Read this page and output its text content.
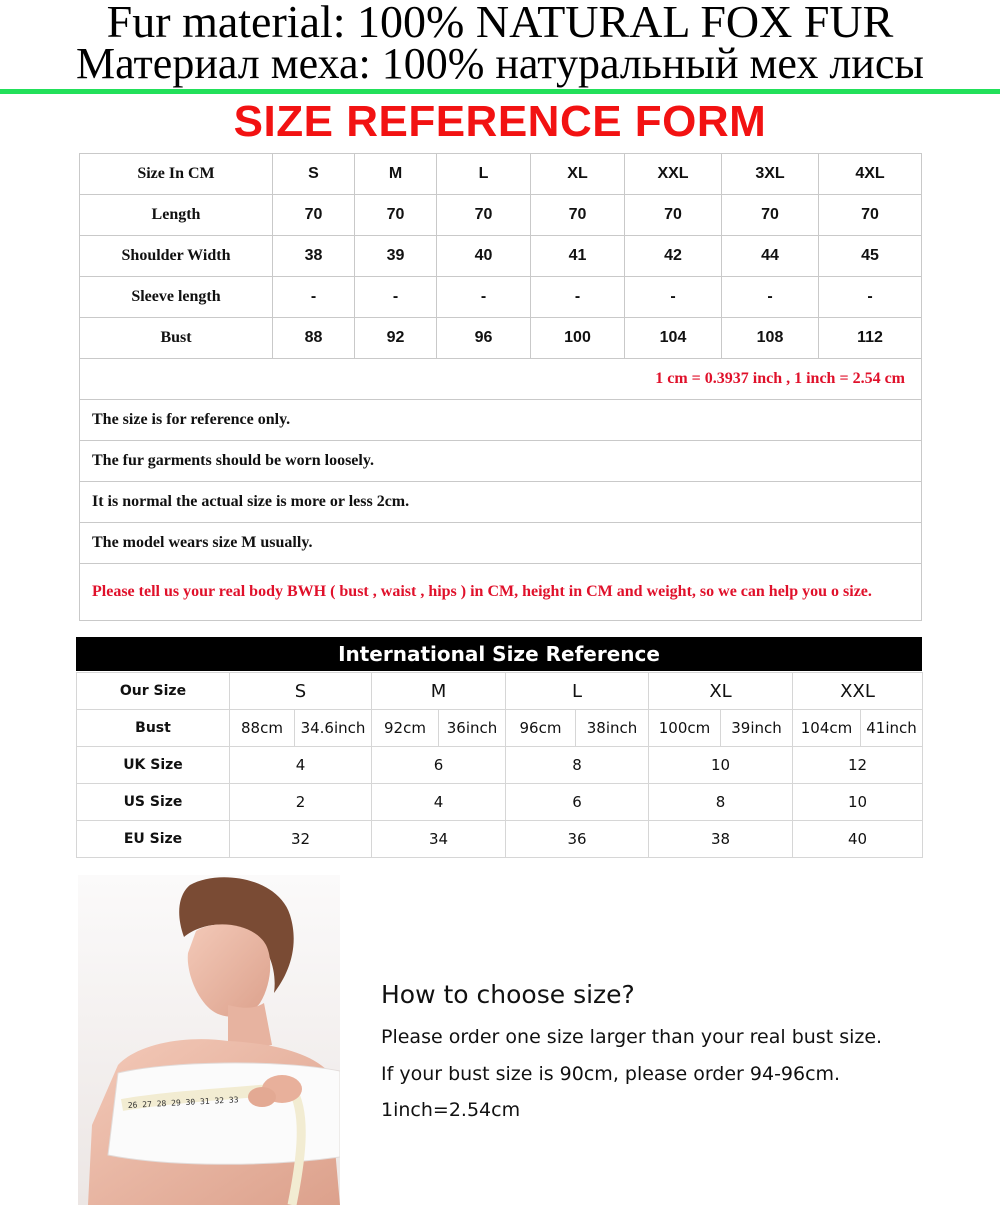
Fur material: 100% NATURAL FOX FUR
Материал меха: 100% натуральный мех лисы
SIZE REFERENCE FORM
Size In CM	S	M	L	XL	XXL	3XL	4XL
Length	70	70	70	70	70	70	70
Shoulder Width	38	39	40	41	42	44	45
Sleeve length	-	-	-	-	-	-	-
Bust	88	92	96	100	104	108	112
1 cm = 0.3937 inch , 1 inch = 2.54 cm							
The size is for reference only.							
The fur garments should be worn loosely.							
It is normal the actual size is more or less 2cm.							
The model wears size M usually.							
Please tell us your real body BWH ( bust , waist , hips ) in CM, height in CM and weight, so we can help you o size.							
International Size Reference
Our Size	S		M		L		XL		XXL	
Bust	88cm	34.6inch	92cm	36inch	96cm	38inch	100cm	39inch	104cm	41inch
UK Size	4		6		8		10		12	
US Size	2		4		6		8		10	
EU Size	32		34		36		38		40	
26 27 28 29 30 31 32 33
How to choose size?
Please order one size larger than your real bust size.
If your bust size is 90cm, please order 94-96cm.
1inch=2.54cm
